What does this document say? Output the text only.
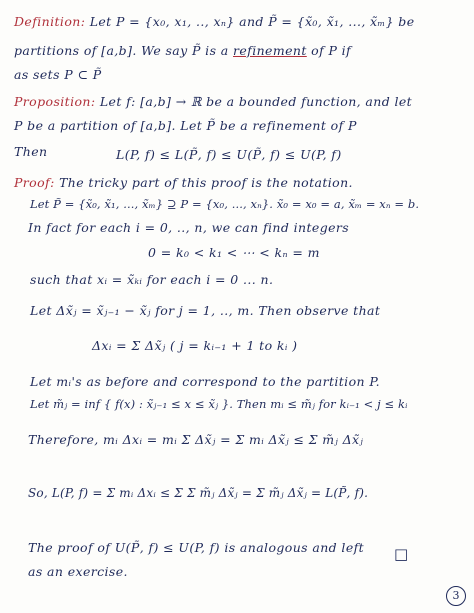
Definition: Let P = {x₀, x₁, .., xₙ} and P̃ = {x̃₀, x̃₁, ..., x̃ₘ} be
partitions of [a,b]. We say P̃ is a refinement of P if
as sets P ⊂ P̃
Proposition: Let f: [a,b] → ℝ be a bounded function, and let
P be a partition of [a,b]. Let P̃ be a refinement of P
Then	L(P, f) ≤ L(P̃, f) ≤ U(P̃, f) ≤ U(P, f)
Proof: The tricky part of this proof is the notation.
Let P̃ = {x̃₀, x̃₁, ..., x̃ₘ} ⊇ P = {x₀, ..., xₙ}. x̃₀ = x₀ = a, x̃ₘ = xₙ = b.
In fact for each i = 0, .., n, we can find integers
0 = k₀ < k₁ < ⋯ < kₙ = m
such that xᵢ = x̃ₖᵢ for each i = 0 ... n.
Let Δx̃ⱼ = x̃ⱼ₋₁ − x̃ⱼ for j = 1, .., m. Then observe that
Δxᵢ = Σ Δx̃ⱼ ( j = kᵢ₋₁ + 1 to kᵢ )
Let mᵢ's as before and correspond to the partition P.
Let m̃ⱼ = inf { f(x) : x̃ⱼ₋₁ ≤ x ≤ x̃ⱼ }. Then mᵢ ≤ m̃ⱼ for kᵢ₋₁ < j ≤ kᵢ
Therefore, mᵢ Δxᵢ = mᵢ Σ Δx̃ⱼ = Σ mᵢ Δx̃ⱼ ≤ Σ m̃ⱼ Δx̃ⱼ
So, L(P, f) = Σ mᵢ Δxᵢ ≤ Σ Σ m̃ⱼ Δx̃ⱼ = Σ m̃ⱼ Δx̃ⱼ = L(P̃, f).
The proof of U(P̃, f) ≤ U(P, f) is analogous and left
as an exercise.
□
3
